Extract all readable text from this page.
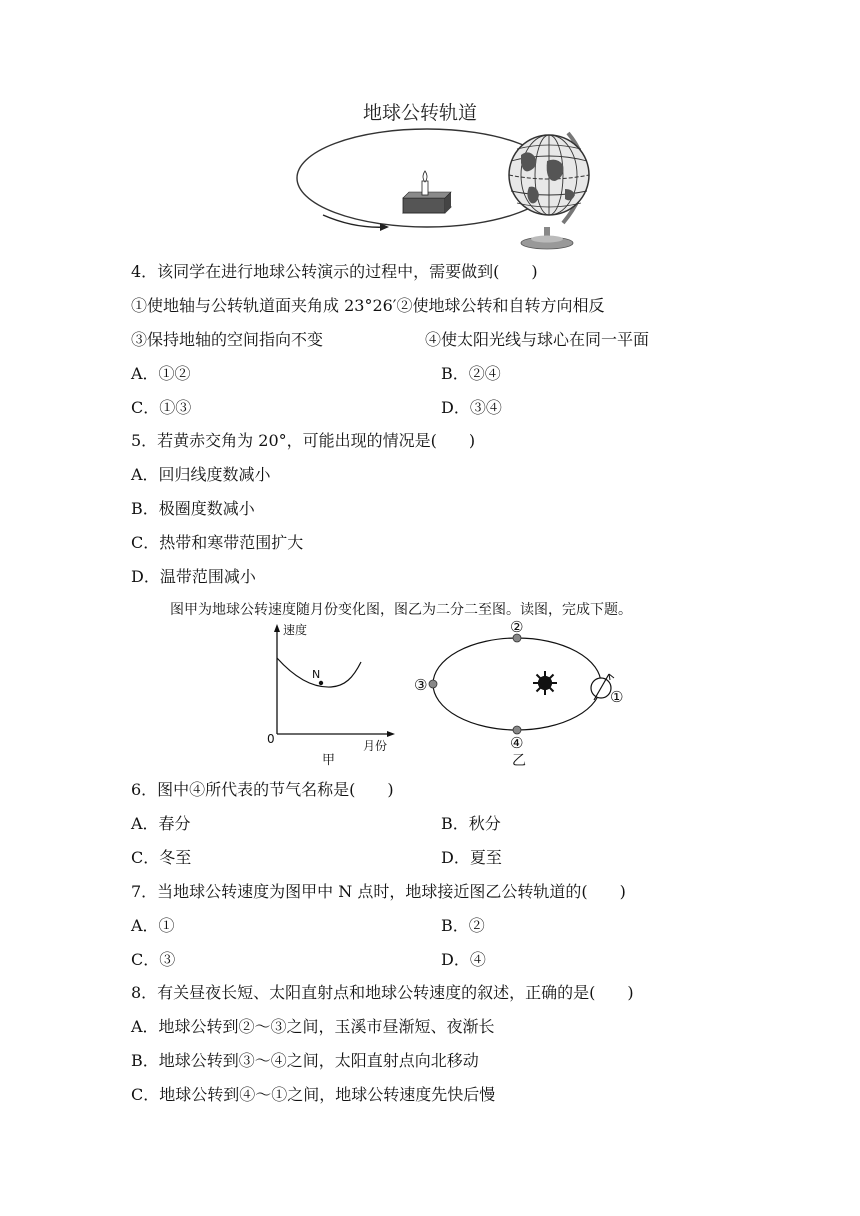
地球公转轨道
4．该同学在进行地球公转演示的过程中，需要做到(　　)
①使地轴与公转轨道面夹角成 23°26′②使地球公转和自转方向相反
③保持地轴的空间指向不变	④使太阳光线与球心在同一平面
A．①②	B．②④
C．①③	D．③④
5．若黄赤交角为 20°，可能出现的情况是(　　)
A．回归线度数减小
B．极圈度数减小
C．热带和寒带范围扩大
D．温带范围减小
图甲为地球公转速度随月份变化图，图乙为二分二至图。读图，完成下题。
速度
月份
0
N
甲
①
②
③
④
乙
6．图中④所代表的节气名称是(　　)
A．春分	B．秋分
C．冬至	D．夏至
7．当地球公转速度为图甲中 N 点时，地球接近图乙公转轨道的(　　)
A．①	B．②
C．③	D．④
8．有关昼夜长短、太阳直射点和地球公转速度的叙述，正确的是(　　)
A．地球公转到②～③之间，玉溪市昼渐短、夜渐长
B．地球公转到③～④之间，太阳直射点向北移动
C．地球公转到④～①之间，地球公转速度先快后慢
